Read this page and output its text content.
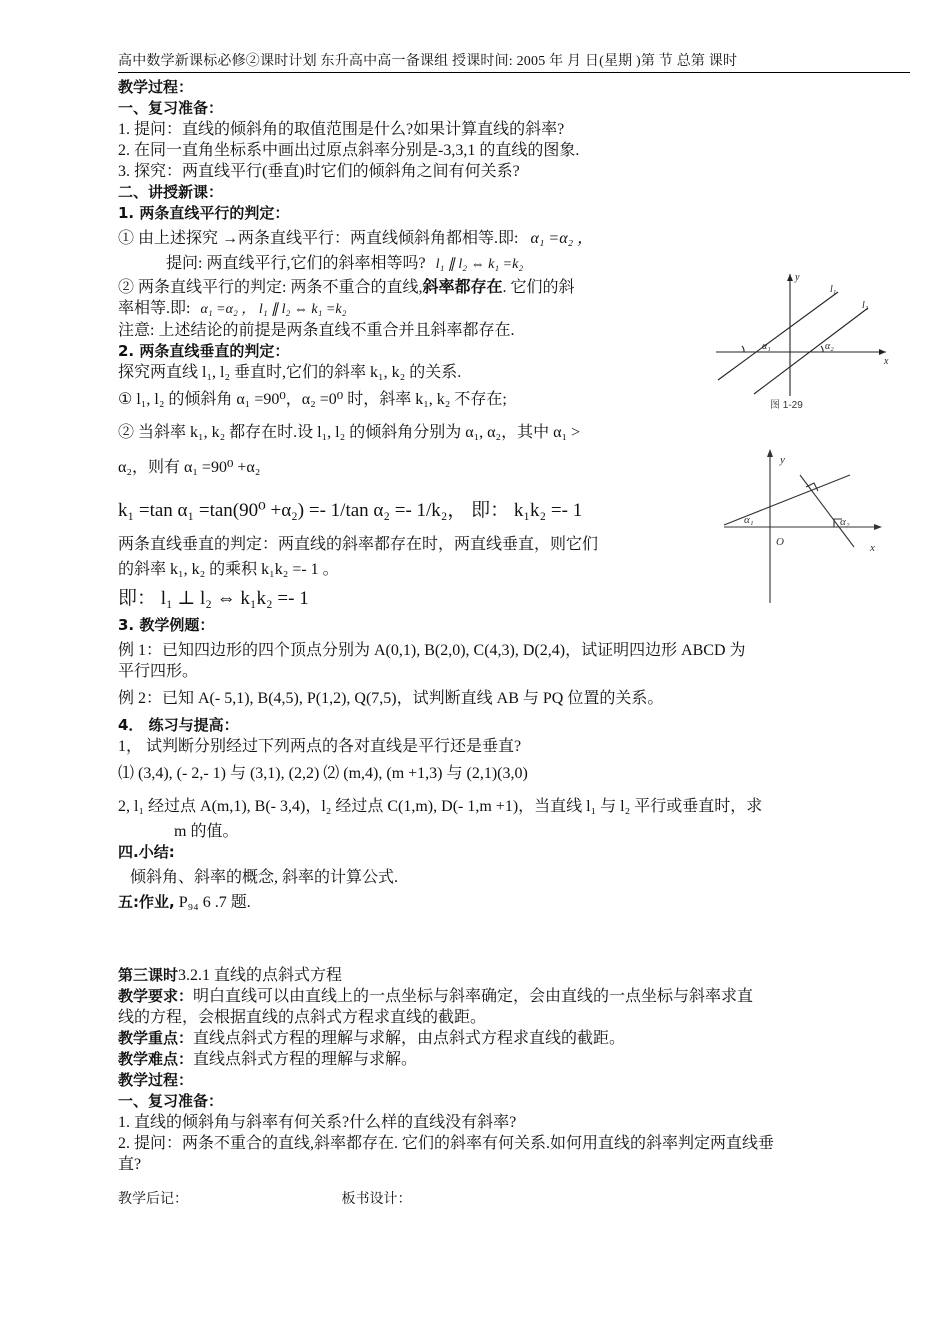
高中数学新课标必修②课时计划 东升高中高一备课组 授课时间: 2005 年 月 日(星期 )第 节 总第 课时
教学过程：
一、复习准备：
1. 提问：直线的倾斜角的取值范围是什么?如果计算直线的斜率?
2. 在同一直角坐标系中画出过原点斜率分别是-3,3,1 的直线的图象.
3. 探究：两直线平行(垂直)时它们的倾斜角之间有何关系?
二、讲授新课：
1. 两条直线平行的判定：
① 由上述探究 →两条直线平行：两直线倾斜角都相等.即: α₁ =α₂ ，
提问: 两直线平行,它们的斜率相等吗? l₁ ∥ l₂ ⇔ k₁ =k₂
② 两条直线平行的判定: 两条不重合的直线,斜率都存在. 它们的斜
率相等.即: α₁ =α₂ ， l₁ ∥ l₂ ⇔ k₁ =k₂
注意: 上述结论的前提是两条直线不重合并且斜率都存在.
2. 两条直线垂直的判定：
探究两直线 l₁, l₂ 垂直时,它们的斜率 k₁, k₂ 的关系.
① l₁, l₂ 的倾斜角 α₁ =90⁰，α₂ =0⁰ 时，斜率 k₁, k₂ 不存在;
② 当斜率 k₁, k₂ 都存在时.设 l₁, l₂ 的倾斜角分别为 α₁, α₂，其中 α₁ >
α₂，则有 α₁ =90⁰ +α₂
k₁ =tan α₁ =tan(90⁰ +α₂) =- 1/tan α₂ =- 1/k₂， 即： k₁k₂ =- 1
两条直线垂直的判定：两直线的斜率都存在时，两直线垂直，则它们
的斜率 k₁, k₂ 的乘积 k₁k₂ =- 1 。
即： l₁ ⊥ l₂ ⇔ k₁k₂ =- 1
3. 教学例题：
例 1：已知四边形的四个顶点分别为 A(0,1), B(2,0), C(4,3), D(2,4)，试证明四边形 ABCD 为
平行四形。
例 2：已知 A(- 5,1), B(4,5), P(1,2), Q(7,5)，试判断直线 AB 与 PQ 位置的关系。
4． 练习与提高：
1， 试判断分别经过下列两点的各对直线是平行还是垂直?
⑴ (3,4), (- 2,- 1) 与 (3,1), (2,2) ⑵ (m,4), (m +1,3) 与 (2,1)(3,0)
2, l₁ 经过点 A(m,1), B(- 3,4)，l₂ 经过点 C(1,m), D(- 1,m +1)，当直线 l₁ 与 l₂ 平行或垂直时，求
m 的值。
四.小结:
倾斜角、斜率的概念, 斜率的计算公式.
五:作业, P₉₄ 6 .7 题.
第三课时3.2.1 直线的点斜式方程
教学要求：明白直线可以由直线上的一点坐标与斜率确定，会由直线的一点坐标与斜率求直
线的方程，会根据直线的点斜式方程求直线的截距。
教学重点：直线点斜式方程的理解与求解，由点斜式方程求直线的截距。
教学难点：直线点斜式方程的理解与求解。
教学过程：
一、复习准备：
1. 直线的倾斜角与斜率有何关系?什么样的直线没有斜率?
2. 提问：两条不重合的直线,斜率都存在. 它们的斜率有何关系.如何用直线的斜率判定两直线垂
直?
教学后记：	板书设计：
y
x
l₁
l₂
α₁	α₂
图 1-29
y
x
O
α₁	α₂
